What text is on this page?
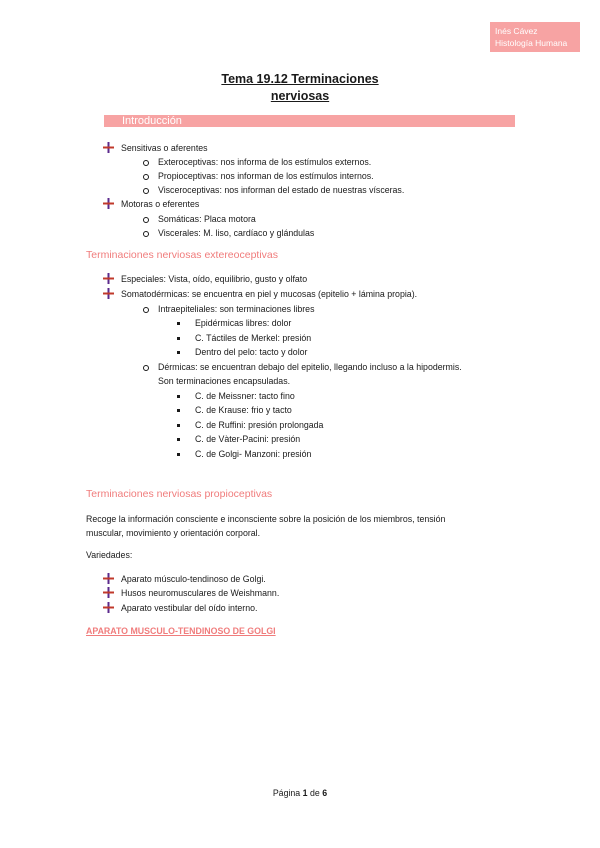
Inés Cávez
Histología Humana
Tema 19.12 Terminaciones
nerviosas
Introducción
Sensitivas o aferentes
Exteroceptivas: nos informa de los estímulos externos.
Propioceptivas: nos informan de los estímulos internos.
Visceroceptivas: nos informan del estado de nuestras vísceras.
Motoras o eferentes
Somáticas: Placa motora
Viscerales: M. liso, cardíaco y glándulas
Terminaciones nerviosas extereoceptivas
Especiales: Vista, oído, equilibrio, gusto y olfato
Somatodérmicas: se encuentra en piel y mucosas (epitelio + lámina propia).
Intraepiteliales: son terminaciones libres
Epidérmicas libres: dolor
C. Táctiles de Merkel: presión
Dentro del pelo: tacto y dolor
Dérmicas: se encuentran debajo del epitelio, llegando incluso a la hipodermis.
Son terminaciones encapsuladas.
C. de Meissner: tacto fino
C. de Krause: frio y tacto
C. de Ruffini: presión prolongada
C. de Vàter-Pacini: presión
C. de Golgi- Manzoni: presión
Terminaciones nerviosas propioceptivas
Recoge la información consciente e inconsciente sobre la posición de los miembros, tensión
muscular, movimiento y orientación corporal.
Variedades:
Aparato músculo-tendinoso de Golgi.
Husos neuromusculares de Weishmann.
Aparato vestibular del oído interno.
APARATO MUSCULO-TENDINOSO DE GOLGI
Página 1 de 6
